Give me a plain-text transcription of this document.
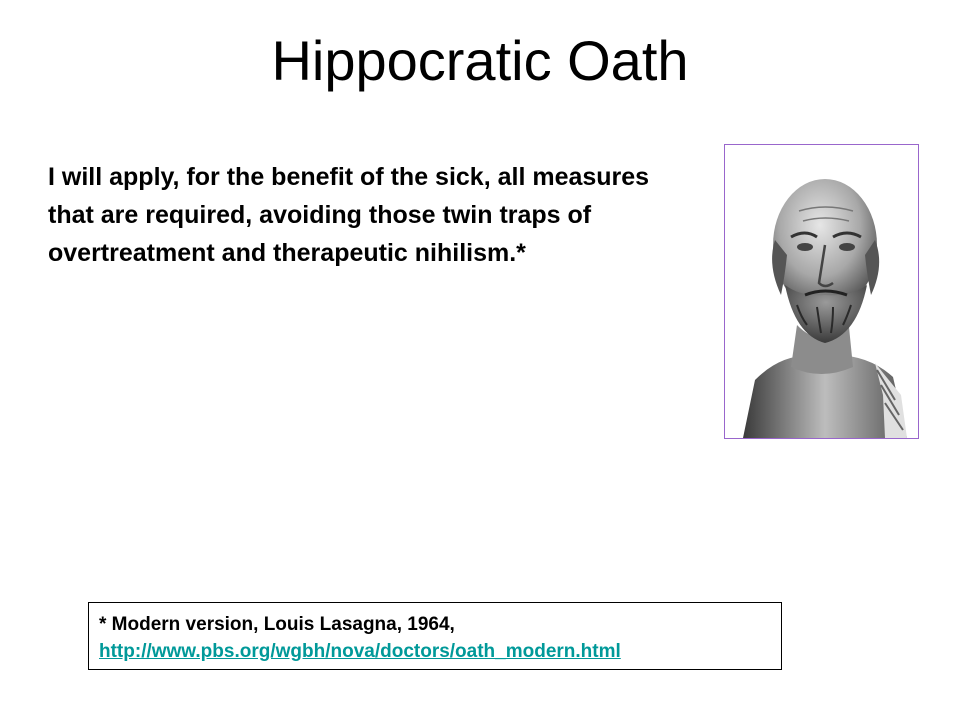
Hippocratic Oath

I will apply, for the benefit of the sick, all measures that are required, avoiding those twin traps of overtreatment and therapeutic nihilism.*

* Modern version, Louis Lasagna, 1964,
http://www.pbs.org/wgbh/nova/doctors/oath_modern.html
